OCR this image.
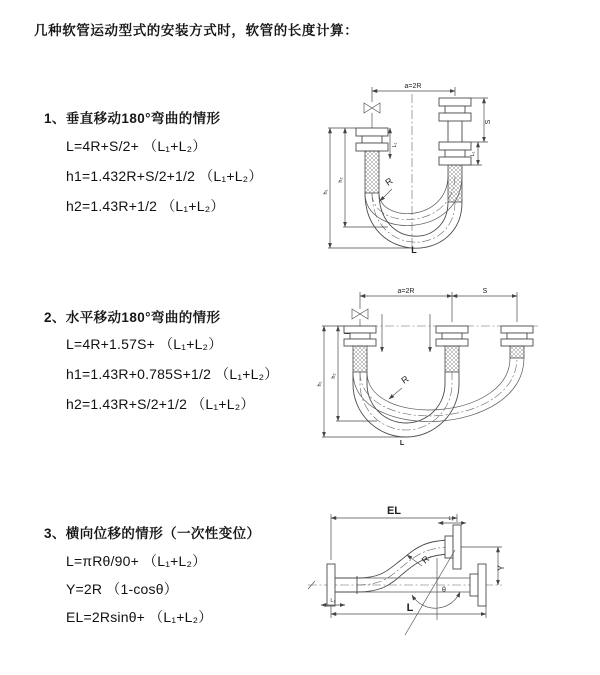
几种软管运动型式的安装方式时，软管的长度计算：
1、垂直移动180°弯曲的情形
L=4R+S/2+ （L₁+L₂）
h1=1.432R+S/2+1/2 （L₁+L₂）
h2=1.43R+1/2 （L₁+L₂）
2、水平移动180°弯曲的情形
L=4R+1.57S+ （L₁+L₂）
h1=1.43R+0.785S+1/2 （L₁+L₂）
h2=1.43R+S/2+1/2 （L₁+L₂）
3、横向位移的情形（一次性变位）
L=πRθ/90+ （L₁+L₂）
Y=2R （1-cosθ）
EL=2Rsinθ+ （L₁+L₂）
a=2R
h₁
h₂
L₁
S
L₁
R
L
a=2R	S
h₁
h₂	R
L
EL
L₁
Y
θ
R
L
L₂
